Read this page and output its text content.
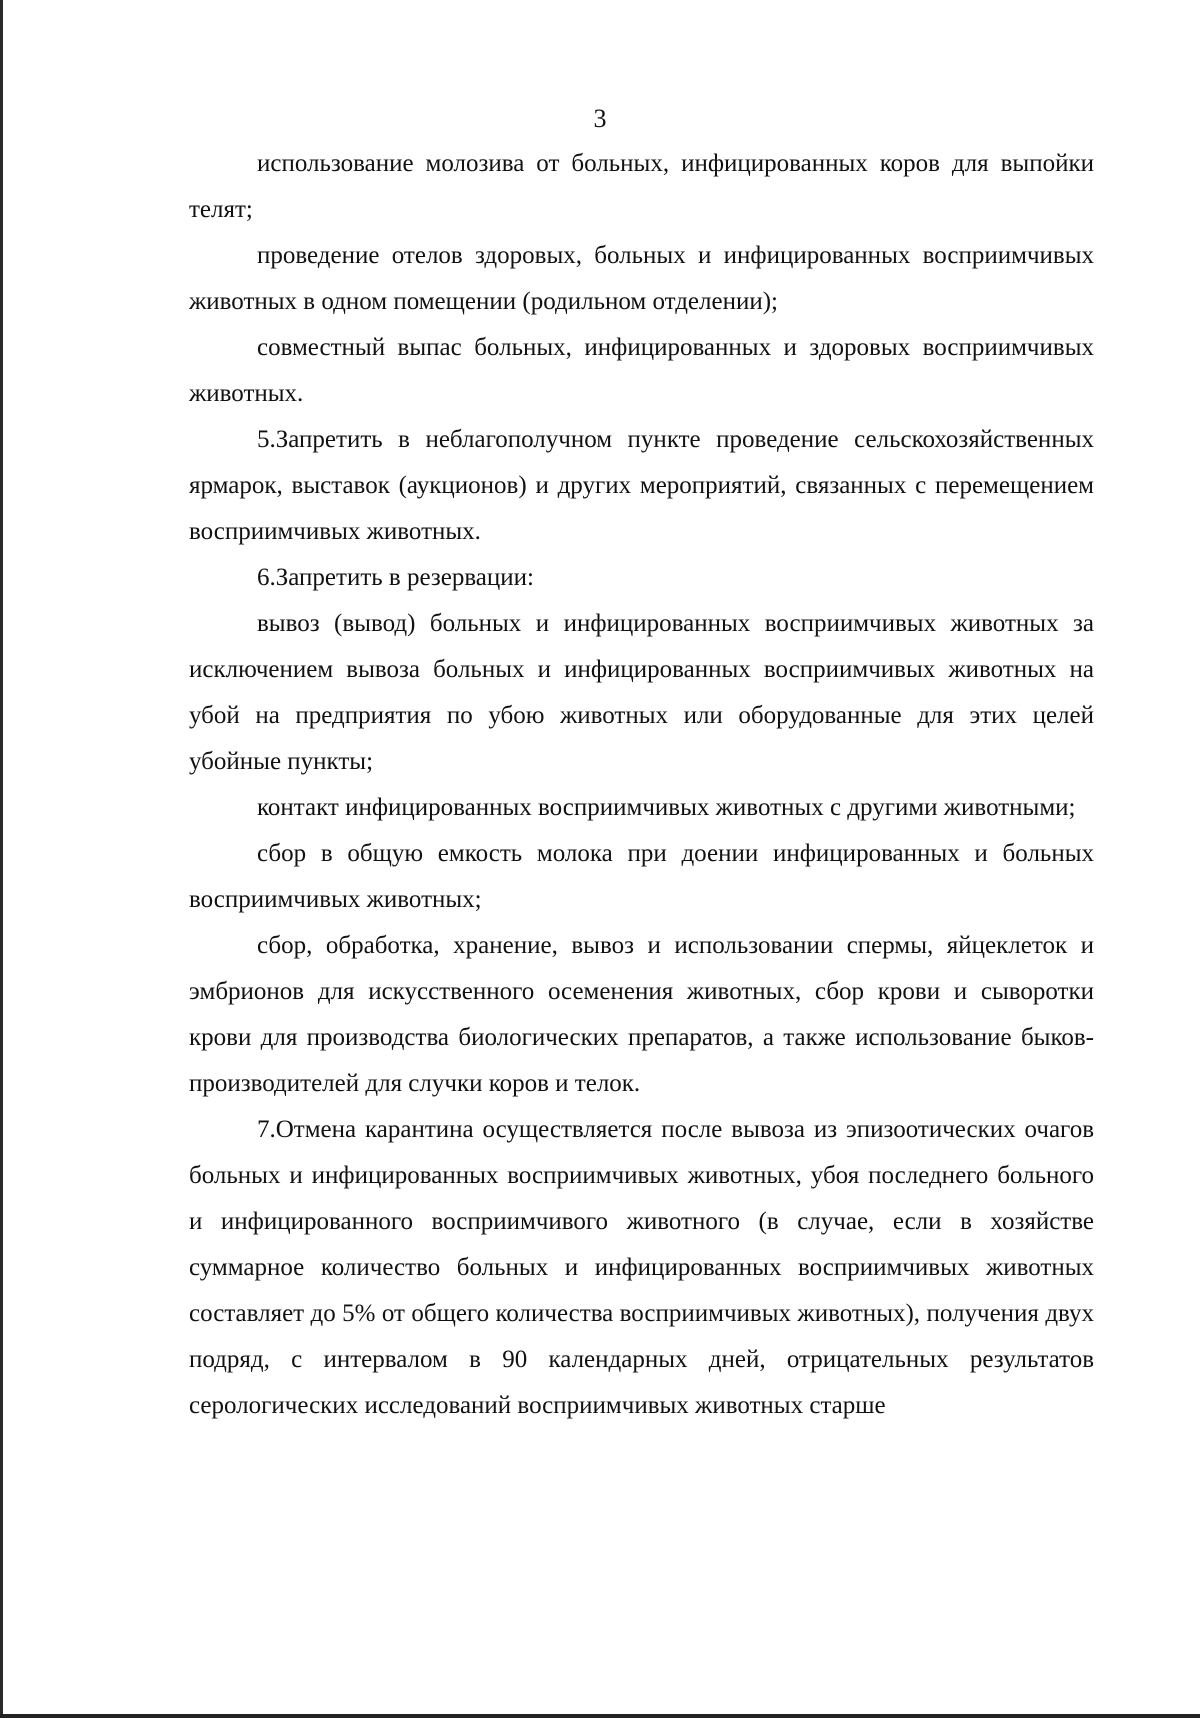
3

использование молозива от больных, инфицированных коров для выпойки телят;

проведение отелов здоровых, больных и инфицированных восприимчивых животных в одном помещении (родильном отделении);

совместный выпас больных, инфицированных и здоровых восприимчивых животных.

5.Запретить в неблагополучном пункте проведение сельскохозяйственных ярмарок, выставок (аукционов) и других мероприятий, связанных с перемещением восприимчивых животных.

6.Запретить в резервации:

вывоз (вывод) больных и инфицированных восприимчивых животных за исключением вывоза больных и инфицированных восприимчивых животных на убой на предприятия по убою животных или оборудованные для этих целей убойные пункты;

контакт инфицированных восприимчивых животных с другими животными;

сбор в общую емкость молока при доении инфицированных и больных восприимчивых животных;

сбор, обработка, хранение, вывоз и использовании спермы, яйцеклеток и эмбрионов для искусственного осеменения животных, сбор крови и сыворотки крови для производства биологических препаратов, а также использование быков-производителей для случки коров и телок.

7.Отмена карантина осуществляется после вывоза из эпизоотических очагов больных и инфицированных восприимчивых животных, убоя последнего больного и инфицированного восприимчивого животного (в случае, если в хозяйстве суммарное количество больных и инфицированных восприимчивых животных составляет до 5% от общего количества восприимчивых животных), получения двух подряд, с интервалом в 90 календарных дней, отрицательных результатов серологических исследований восприимчивых животных старше
